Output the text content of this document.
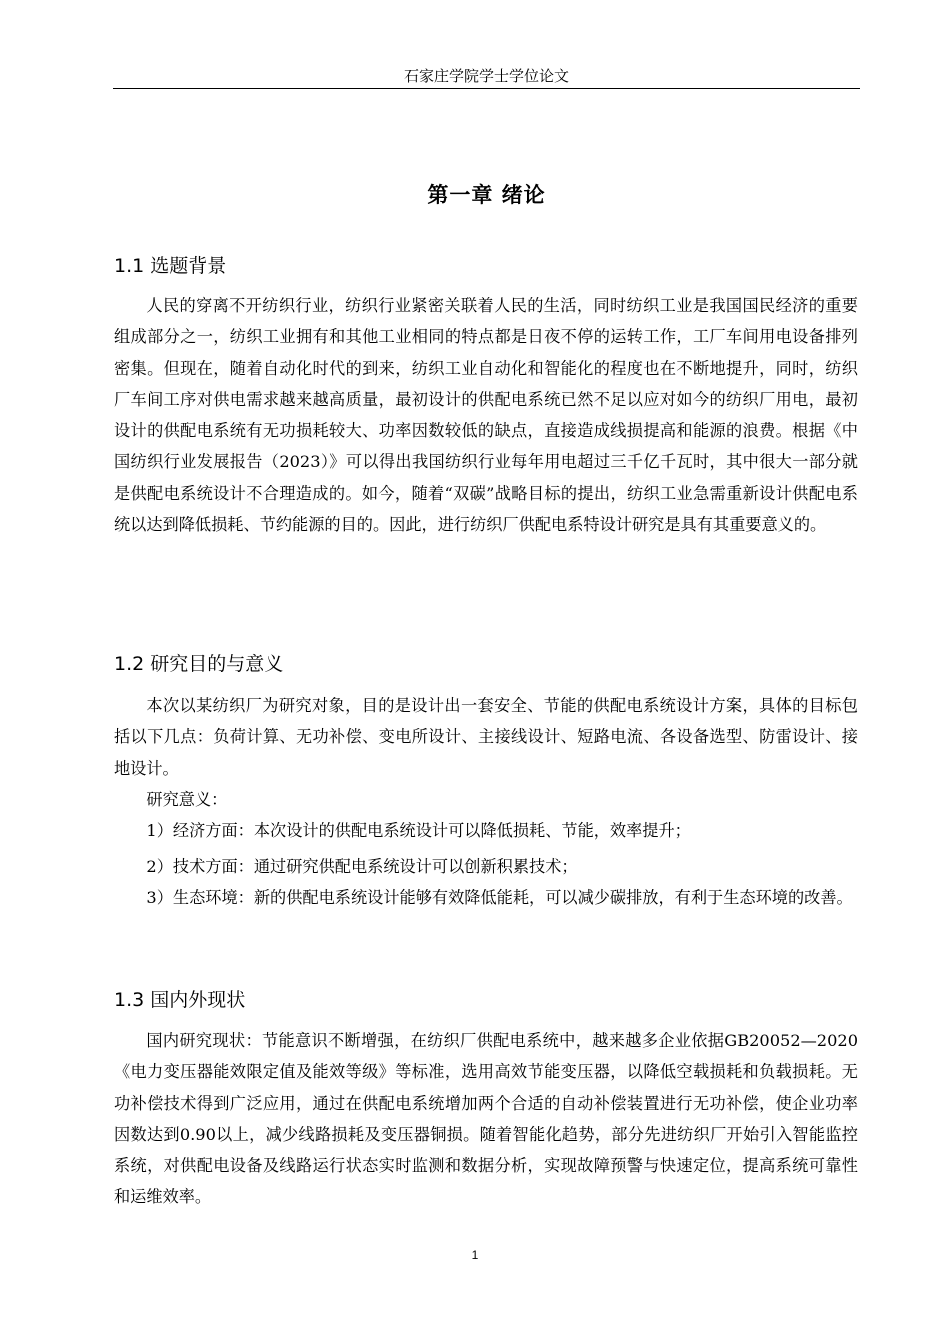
石家庄学院学士学位论文
第一章 绪论
1.1 选题背景

人民的穿离不开纺织行业，纺织行业紧密关联着人民的生活，同时纺织工业是我国国民经济的重要组成部分之一，纺织工业拥有和其他工业相同的特点都是日夜不停的运转工作，工厂车间用电设备排列密集。但现在，随着自动化时代的到来，纺织工业自动化和智能化的程度也在不断地提升，同时，纺织厂车间工序对供电需求越来越高质量，最初设计的供配电系统已然不足以应对如今的纺织厂用电，最初设计的供配电系统有无功损耗较大、功率因数较低的缺点，直接造成线损提高和能源的浪费。根据《中国纺织行业发展报告（2023）》可以得出我国纺织行业每年用电超过三千亿千瓦时，其中很大一部分就是供配电系统设计不合理造成的。如今，随着“双碳”战略目标的提出，纺织工业急需重新设计供配电系统以达到降低损耗、节约能源的目的。因此，进行纺织厂供配电系特设计研究是具有其重要意义的。

1.2 研究目的与意义

本次以某纺织厂为研究对象，目的是设计出一套安全、节能的供配电系统设计方案，具体的目标包括以下几点：负荷计算、无功补偿、变电所设计、主接线设计、短路电流、各设备选型、防雷设计、接地设计。

研究意义：

1）经济方面：本次设计的供配电系统设计可以降低损耗、节能，效率提升；

2）技术方面：通过研究供配电系统设计可以创新积累技术；

3）生态环境：新的供配电系统设计能够有效降低能耗，可以减少碳排放，有利于生态环境的改善。

1.3 国内外现状

国内研究现状：节能意识不断增强，在纺织厂供配电系统中，越来越多企业依据GB20052—2020《电力变压器能效限定值及能效等级》等标准，选用高效节能变压器，以降低空载损耗和负载损耗。无功补偿技术得到广泛应用，通过在供配电系统增加两个合适的自动补偿装置进行无功补偿，使企业功率因数达到0.90以上，减少线路损耗及变压器铜损。随着智能化趋势，部分先进纺织厂开始引入智能监控系统，对供配电设备及线路运行状态实时监测和数据分析，实现故障预警与快速定位，提高系统可靠性和运维效率。

1
